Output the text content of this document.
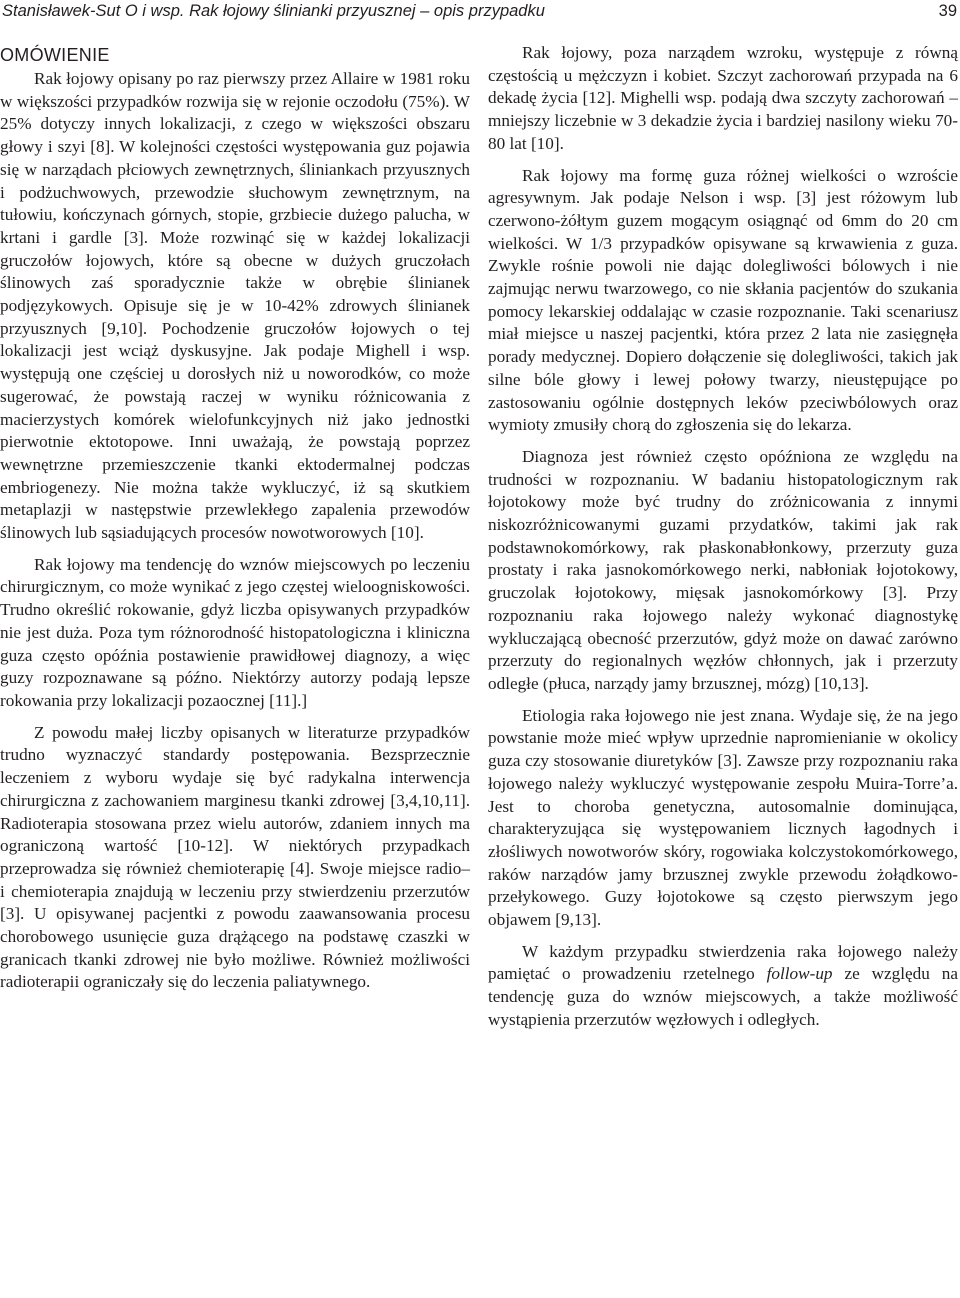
Stanisławek-Sut O i wsp. Rak łojowy ślinianki przyusznej – opis przypadku	39
OMÓWIENIE

Rak łojowy opisany po raz pierwszy przez Allaire w 1981 roku w większości przypadków rozwija się w rejonie oczodołu (75%). W 25% dotyczy innych lokalizacji, z czego w większości obszaru głowy i szyi [8]. W kolejności częstości występowania guz pojawia się w narządach płciowych zewnętrznych, śliniankach przyusznych i podżuchwowych, przewodzie słuchowym zewnętrznym, na tułowiu, kończynach górnych, stopie, grzbiecie dużego palucha, w krtani i gardle [3]. Może rozwinąć się w każdej lokalizacji gruczołów łojowych, które są obecne w dużych gruczołach ślinowych zaś sporadycznie także w obrębie ślinianek podjęzykowych. Opisuje się je w 10-42% zdrowych ślinianek przyusznych [9,10]. Pochodzenie gruczołów łojowych o tej lokalizacji jest wciąż dyskusyjne. Jak podaje Mighell i wsp. występują one częściej u dorosłych niż u noworodków, co może sugerować, że powstają raczej w wyniku różnicowania z macierzystych komórek wielofunkcyjnych niż jako jednostki pierwotnie ektotopowe. Inni uważają, że powstają poprzez wewnętrzne przemieszczenie tkanki ektodermalnej podczas embriogenezy. Nie można także wykluczyć, iż są skutkiem metaplazji w następstwie przewlekłego zapalenia przewodów ślinowych lub sąsiadujących procesów nowotworowych [10].

Rak łojowy ma tendencję do wznów miejscowych po leczeniu chirurgicznym, co może wynikać z jego częstej wieloogniskowości. Trudno określić rokowanie, gdyż liczba opisywanych przypadków nie jest duża. Poza tym różnorodność histopatologiczna i kliniczna guza często opóźnia postawienie prawidłowej diagnozy, a więc guzy rozpoznawane są późno. Niektórzy autorzy podają lepsze rokowania przy lokalizacji pozaocznej [11].]

Z powodu małej liczby opisanych w literaturze przypadków trudno wyznaczyć standardy postępowania. Bezsprzecznie leczeniem z wyboru wydaje się być radykalna interwencja chirurgiczna z zachowaniem marginesu tkanki zdrowej [3,4,10,11]. Radioterapia stosowana przez wielu autorów, zdaniem innych ma ograniczoną wartość [10-12]. W niektórych przypadkach przeprowadza się również chemioterapię [4]. Swoje miejsce radio– i chemioterapia znajdują w leczeniu przy stwierdzeniu przerzutów [3]. U opisywanej pacjentki z powodu zaawansowania procesu chorobowego usunięcie guza drążącego na podstawę czaszki w granicach tkanki zdrowej nie było możliwe. Również możliwości radioterapii ograniczały się do leczenia paliatywnego.

Rak łojowy, poza narządem wzroku, występuje z równą częstością u mężczyzn i kobiet. Szczyt zachorowań przypada na 6 dekadę życia [12]. Mighelli wsp. podają dwa szczyty zachorowań – mniejszy liczebnie w 3 dekadzie życia i bardziej nasilony wieku 70-80 lat [10].

Rak łojowy ma formę guza różnej wielkości o wzroście agresywnym. Jak podaje Nelson i wsp. [3] jest różowym lub czerwono-żółtym guzem mogącym osiągnąć od 6mm do 20 cm wielkości. W 1/3 przypadków opisywane są krwawienia z guza. Zwykle rośnie powoli nie dając dolegliwości bólowych i nie zajmując nerwu twarzowego, co nie skłania pacjentów do szukania pomocy lekarskiej oddalając w czasie rozpoznanie. Taki scenariusz miał miejsce u naszej pacjentki, która przez 2 lata nie zasięgnęła porady medycznej. Dopiero dołączenie się dolegliwości, takich jak silne bóle głowy i lewej połowy twarzy, nieustępujące po zastosowaniu ogólnie dostępnych leków pzeciwbólowych oraz wymioty zmusiły chorą do zgłoszenia się do lekarza.

Diagnoza jest również często opóźniona ze względu na trudności w rozpoznaniu. W badaniu histopatologicznym rak łojotokowy może być trudny do zróżnicowania z innymi niskozróżnicowanymi guzami przydatków, takimi jak rak podstawnokomórkowy, rak płaskonabłonkowy, przerzuty guza prostaty i raka jasnokomórkowego nerki, nabłoniak łojotokowy, gruczolak łojotokowy, mięsak jasnokomórkowy [3]. Przy rozpoznaniu raka łojowego należy wykonać diagnostykę wykluczającą obecność przerzutów, gdyż może on dawać zarówno przerzuty do regionalnych węzłów chłonnych, jak i przerzuty odległe (płuca, narządy jamy brzusznej, mózg) [10,13].

Etiologia raka łojowego nie jest znana. Wydaje się, że na jego powstanie może mieć wpływ uprzednie napromienianie w okolicy guza czy stosowanie diuretyków [3]. Zawsze przy rozpoznaniu raka łojowego należy wykluczyć występowanie zespołu Muira-Torre’a. Jest to choroba genetyczna, autosomalnie dominująca, charakteryzująca się występowaniem licznych łagodnych i złośliwych nowotworów skóry, rogowiaka kolczystokomórkowego, raków narządów jamy brzusznej zwykle przewodu żołądkowo-przełykowego. Guzy łojotokowe są często pierwszym jego objawem [9,13].

W każdym przypadku stwierdzenia raka łojowego należy pamiętać o prowadzeniu rzetelnego follow-up ze względu na tendencję guza do wznów miejscowych, a także możliwość wystąpienia przerzutów węzłowych i odległych.
